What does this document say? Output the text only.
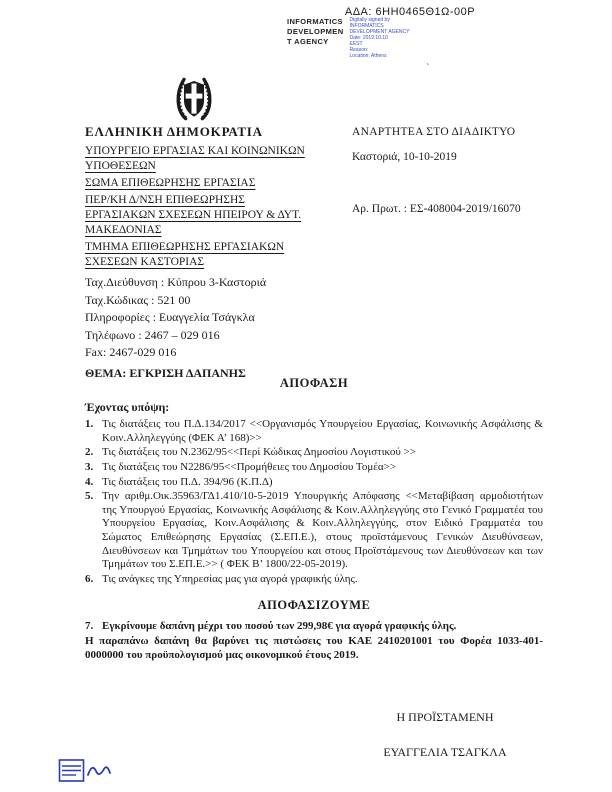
ΑΔΑ: 6ΗΗ0465Θ1Ω-00Ρ
INFORMATICS
DEVELOPMEN
T AGENCY
Digitally signed by
INFORMATICS
DEVELOPMENT AGENCY
Date: 2019.10.10
EEST
Reason:
Location: Athens
`
ΕΛΛΗΝΙΚΗ ΔΗΜΟΚΡΑΤΙΑ
ΥΠΟΥΡΓΕΙΟ ΕΡΓΑΣΙΑΣ ΚΑΙ ΚΟΙΝΩΝΙΚΩΝ ΥΠΟΘΕΣΕΩΝ
ΣΩΜΑ ΕΠΙΘΕΩΡΗΣΗΣ ΕΡΓΑΣΙΑΣ
ΠΕΡ/ΚΗ Δ/ΝΣΗ ΕΠΙΘΕΩΡΗΣΗΣ ΕΡΓΑΣΙΑΚΩΝ ΣΧΕΣΕΩΝ ΗΠΕΙΡΟΥ & ΔΥΤ. ΜΑΚΕΔΟΝΙΑΣ
ΤΜΗΜΑ ΕΠΙΘΕΩΡΗΣΗΣ ΕΡΓΑΣΙΑΚΩΝ ΣΧΕΣΕΩΝ ΚΑΣΤΟΡΙΑΣ
Ταχ.Διεύθυνση : Κύπρου 3-Καστοριά
Ταχ.Κώδικας : 521 00
Πληροφορίες : Ευαγγελία Τσάγκλα
Τηλέφωνο : 2467 – 029 016
Fax: 2467-029 016
ΘΕΜΑ: ΕΓΚΡΙΣΗ ΔΑΠΑΝΗΣ
ΑΝΑΡΤΗΤΕΑ ΣΤΟ ΔΙΑΔΙΚΤΥΟ
Καστοριά, 10-10-2019
Αρ. Πρωτ. : ΕΣ-408004-2019/16070
ΑΠΟΦΑΣΗ
Έχοντας υπόψη:
1. Τις διατάξεις του Π.Δ.134/2017 <<Οργανισμός Υπουργείου Εργασίας, Κοινωνικής Ασφάλισης & Κοιν.Αλληλεγγύης (ΦΕΚ Α’ 168)>>
2. Τις διατάξεις του Ν.2362/95<<Περί Κώδικας Δημοσίου Λογιστικού >>
3. Τις διατάξεις του Ν2286/95<<Προμήθειες του Δημοσίου Τομέα>>
4. Τις διατάξεις του Π.Δ. 394/96 (Κ.Π.Δ)
5. Την αριθμ.Οικ.35963/ΓΔ1.410/10-5-2019 Υπουργικής Απόφασης <<Μεταβίβαση αρμοδιοτήτων της Υπουργού Εργασίας, Κοινωνικής Ασφάλισης & Κοιν.Αλληλεγγύης στο Γενικό Γραμματέα του Υπουργείου Εργασίας, Κοιν.Ασφάλισης & Κοιν.Αλληλεγγύης, στον Ειδικό Γραμματέα του Σώματος Επιθεώρησης Εργασίας (Σ.ΕΠ.Ε.), στους προϊστάμενους Γενικών Διευθύνσεων, Διευθύνσεων και Τμημάτων του Υπουργείου και στους Προϊστάμενους των Διευθύνσεων και των Τμημάτων του Σ.ΕΠ.Ε.>> ( ΦΕΚ Β’ 1800/22-05-2019).
6. Τις ανάγκες της Υπηρεσίας μας για αγορά γραφικής ύλης.
ΑΠΟΦΑΣΙΖΟΥΜΕ
7. Εγκρίνουμε δαπάνη μέχρι του ποσού των 299,98€ για αγορά γραφικής ύλης.
Η παραπάνω δαπάνη θα βαρύνει τις πιστώσεις του ΚΑΕ 2410201001 του Φορέα 1033-401-0000000 του προϋπολογισμού μας οικονομικού έτους 2019.
Η ΠΡΟΪΣΤΑΜΕΝΗ
ΕΥΑΓΓΕΛΙΑ ΤΣΑΓΚΛΑ
